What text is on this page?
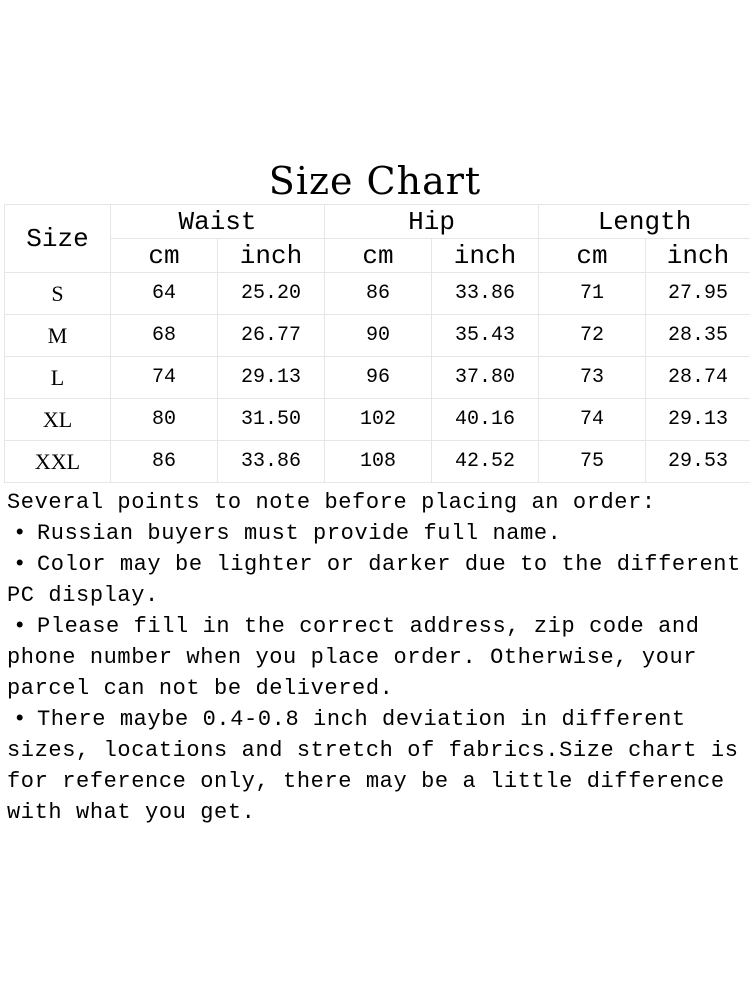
Size Chart
Size	Waist		Hip		Length	
	cm	inch	cm	inch	cm	inch
S	64	25.20	86	33.86	71	27.95
M	68	26.77	90	35.43	72	28.35
L	74	29.13	96	37.80	73	28.74
XL	80	31.50	102	40.16	74	29.13
XXL	86	33.86	108	42.52	75	29.53

Several points to note before placing an order:

• Russian buyers must provide full name.

• Color may be lighter or darker due to the different PC display.

• Please fill in the correct address, zip code and phone number when you place order. Otherwise, your parcel can not be delivered.

• There maybe 0.4-0.8 inch deviation in different sizes, locations and stretch of fabrics.Size chart is for reference only, there may be a little difference with what you get.
